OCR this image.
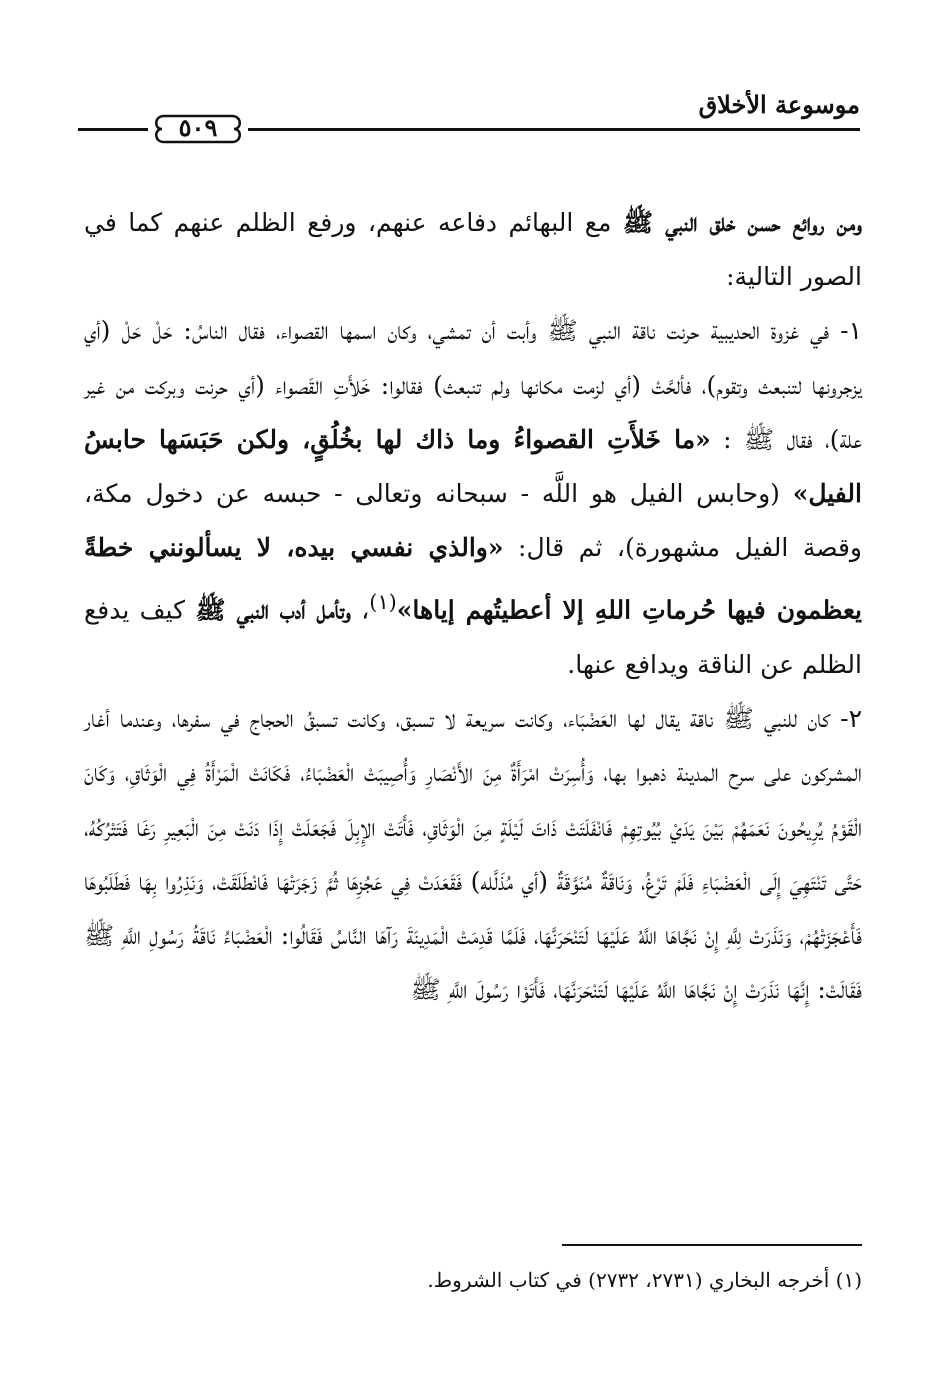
موسوعة الأخلاق
٥٠٩

ومن روائع حسن خلق النبي ﷺ مع البهائم دفاعه عنهم، ورفع الظلم عنهم كما في الصور التالية:

١- في غزوة الحديبية حرنت ناقة النبي ﷺ وأبت أن تمشي، وكان اسمها القصواء، فقال الناسُ: حَلْ حَلْ (أي يزجرونها لتنبعث وتقوم)، فألحَّتْ (أي لزمت مكانها ولم تنبعث) فقالوا: خَلأَتِ القَصواء (أي حرنت وبركت من غير علة)، فقال ﷺ : «ما خَلأَتِ القصواءُ وما ذاك لها بخُلُقٍ، ولكن حَبَسَها حابسُ الفيل» (وحابس الفيل هو اللَّه - سبحانه وتعالى - حبسه عن دخول مكة، وقصة الفيل مشهورة)، ثم قال: «والذي نفسي بيده، لا يسألونني خطةً يعظمون فيها حُرماتِ اللهِ إلا أعطيتُهم إياها»$^{(١)}$، وتأمل أدب النبي ﷺ كيف يدفع الظلم عن الناقة ويدافع عنها.

٢- كان للنبي ﷺ ناقة يقال لها العَضْبَاء، وكانت سريعة لا تسبق، وكانت تسبقُ الحجاج في سفرها، وعندما أغار المشركون على سرح المدينة ذهبوا بها، وَأُسِرَتْ امْرَأَةٌ مِنَ الأَنْصَارِ وَأُصِيبَتْ الْعَضْبَاءُ، فَكَانَتْ الْمَرْأَةُ فِي الْوَثَاقِ، وَكَانَ الْقَوْمُ يُرِيحُونَ نَعَمَهُمْ بَيْنَ يَدَيْ بُيُوتِهِمْ فَانْفَلَتَتْ ذَاتَ لَيْلَةٍ مِنَ الْوَثَاقِ، فَأَتَتْ الإِبِلَ فَجَعَلَتْ إِذَا دَنَتْ مِنَ الْبَعِيرِ رَغَا فَتَتْرُكُهُ، حَتَّى تَنْتَهِيَ إِلَى الْعَضْبَاءِ فَلَمْ تَرْغُ، وَنَاقَةٌ مُنَوَّقَةٌ (أي مُذَلَّله) فَقَعَدَتْ فِي عَجُزِهَا ثُمَّ زَجَرَتْهَا فَانْطَلَقَتْ، وَنَذِرُوا بِهَا فَطَلَبُوهَا فَأَعْجَزَتْهُمْ، وَنَذَرَتْ لِلَّهِ إِنْ نَجَّاهَا اللَّهُ عَلَيْهَا لَتَنْحَرَنَّهَا، فَلَمَّا قَدِمَتْ الْمَدِينَةَ رَآهَا النَّاسُ فَقَالُوا: الْعَضْبَاءُ نَاقَةُ رَسُولِ اللَّهِ ﷺ فَقَالَتْ: إِنَّهَا نَذَرَتْ إِنْ نَجَّاهَا اللَّهُ عَلَيْهَا لَتَنْحَرَنَّهَا، فَأَتَوْا رَسُولَ اللَّهِ ﷺ

(١) أخرجه البخاري (٢٧٣١، ٢٧٣٢) في كتاب الشروط.
